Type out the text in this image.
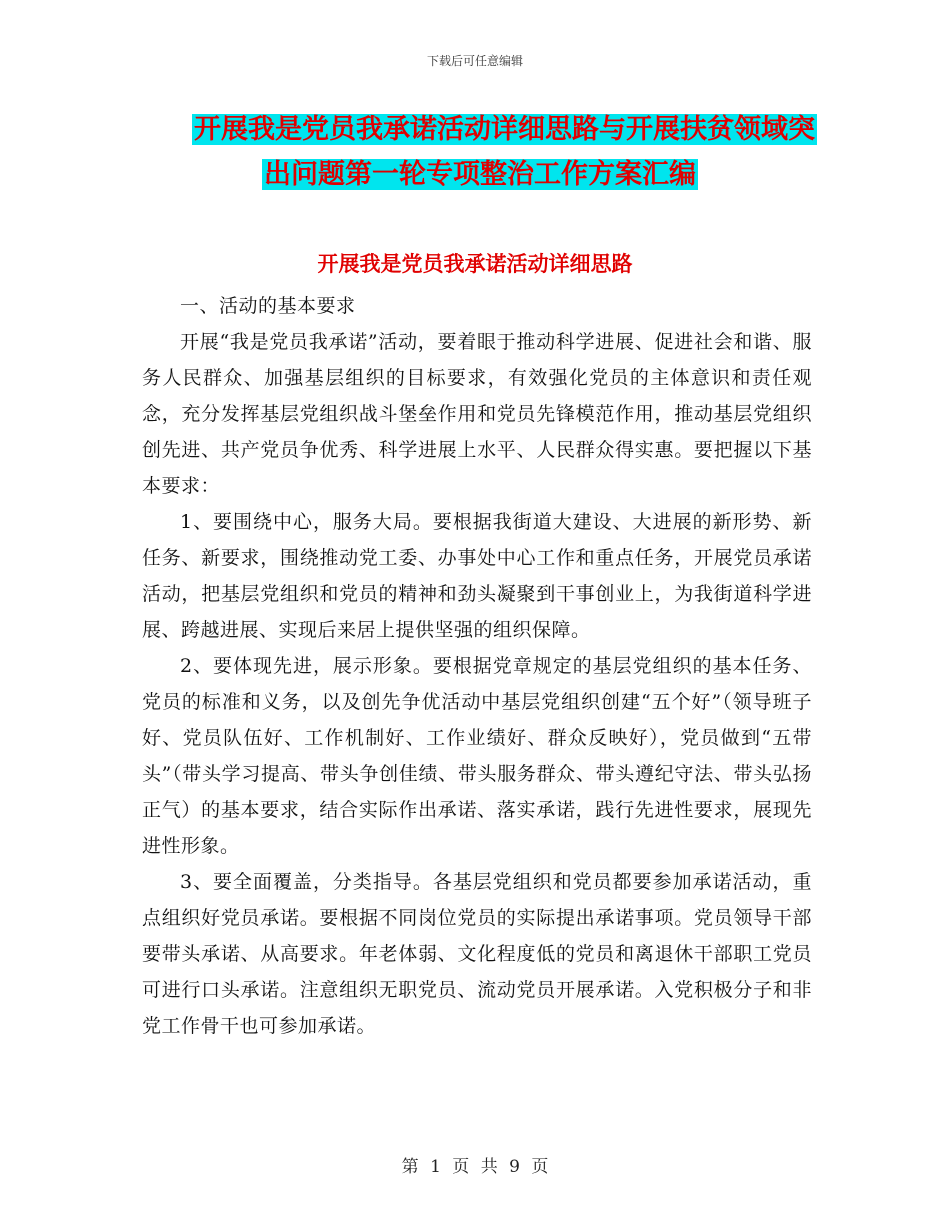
下载后可任意编辑
开展我是党员我承诺活动详细思路与开展扶贫领域突
出问题第一轮专项整治工作方案汇编
开展我是党员我承诺活动详细思路

一、活动的基本要求

开展“我是党员我承诺”活动，要着眼于推动科学进展、促进社会和谐、服务人民群众、加强基层组织的目标要求，有效强化党员的主体意识和责任观念，充分发挥基层党组织战斗堡垒作用和党员先锋模范作用，推动基层党组织创先进、共产党员争优秀、科学进展上水平、人民群众得实惠。要把握以下基本要求：

1、要围绕中心，服务大局。要根据我街道大建设、大进展的新形势、新任务、新要求，围绕推动党工委、办事处中心工作和重点任务，开展党员承诺活动，把基层党组织和党员的精神和劲头凝聚到干事创业上，为我街道科学进展、跨越进展、实现后来居上提供坚强的组织保障。

2、要体现先进，展示形象。要根据党章规定的基层党组织的基本任务、党员的标准和义务，以及创先争优活动中基层党组织创建“五个好”（领导班子好、党员队伍好、工作机制好、工作业绩好、群众反映好），党员做到“五带头”（带头学习提高、带头争创佳绩、带头服务群众、带头遵纪守法、带头弘扬正气）的基本要求，结合实际作出承诺、落实承诺，践行先进性要求，展现先进性形象。

3、要全面覆盖，分类指导。各基层党组织和党员都要参加承诺活动，重点组织好党员承诺。要根据不同岗位党员的实际提出承诺事项。党员领导干部要带头承诺、从高要求。年老体弱、文化程度低的党员和离退休干部职工党员可进行口头承诺。注意组织无职党员、流动党员开展承诺。入党积极分子和非党工作骨干也可参加承诺。

第 1 页 共 9 页
